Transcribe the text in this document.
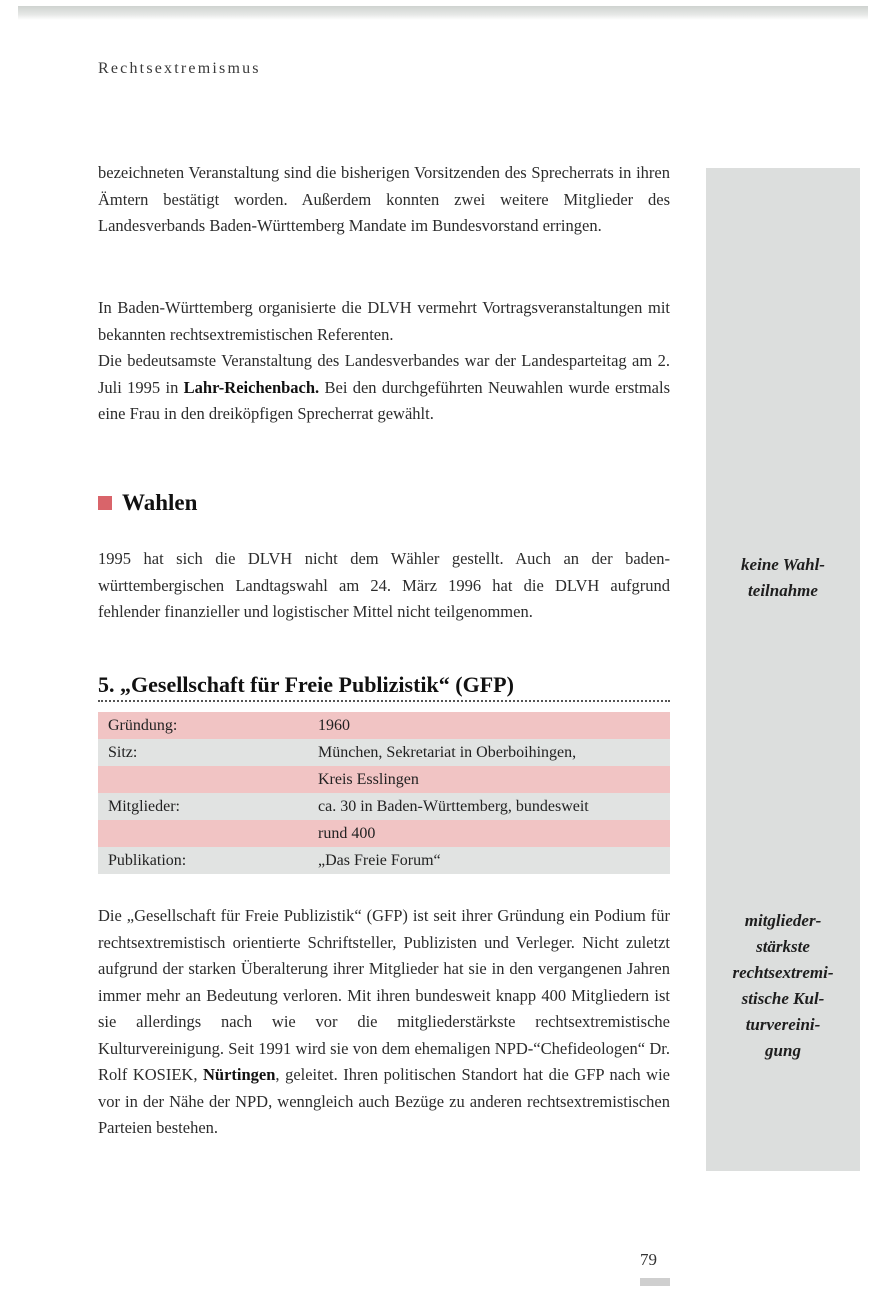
Rechtsextremismus

bezeichneten Veranstaltung sind die bisherigen Vorsitzenden des Sprecherrats in ihren Ämtern bestätigt worden. Außerdem konnten zwei weitere Mitglieder des Landesverbands Baden-Württemberg Mandate im Bundesvorstand erringen.

In Baden-Württemberg organisierte die DLVH vermehrt Vortragsveranstaltungen mit bekannten rechtsextremistischen Referenten.

Die bedeutsamste Veranstaltung des Landesverbandes war der Landesparteitag am 2. Juli 1995 in Lahr-Reichenbach. Bei den durchgeführten Neuwahlen wurde erstmals eine Frau in den dreiköpfigen Sprecherrat gewählt.

Wahlen

1995 hat sich die DLVH nicht dem Wähler gestellt. Auch an der baden-württembergischen Landtagswahl am 24. März 1996 hat die DLVH aufgrund fehlender finanzieller und logistischer Mittel nicht teilgenommen.

keine Wahl-
teilnahme
5. „Gesellschaft für Freie Publizistik“ (GFP)
Gründung:	1960
Sitz:	München, Sekretariat in Oberboihingen,
Kreis Esslingen
Mitglieder:	ca. 30 in Baden-Württemberg, bundesweit
rund 400
Publikation:	„Das Freie Forum“

Die „Gesellschaft für Freie Publizistik“ (GFP) ist seit ihrer Gründung ein Podium für rechtsextremistisch orientierte Schriftsteller, Publizisten und Verleger. Nicht zuletzt aufgrund der starken Überalterung ihrer Mitglieder hat sie in den vergangenen Jahren immer mehr an Bedeutung verloren. Mit ihren bundesweit knapp 400 Mitgliedern ist sie allerdings nach wie vor die mitgliederstärkste rechtsextremistische Kulturvereinigung. Seit 1991 wird sie von dem ehemaligen NPD-“Chefideologen“ Dr. Rolf KOSIEK, Nürtingen, geleitet. Ihren politischen Standort hat die GFP nach wie vor in der Nähe der NPD, wenngleich auch Bezüge zu anderen rechtsextremistischen Parteien bestehen.

mitglieder-
stärkste
rechtsextremi-
stische Kul-
turvereini-
gung
79
